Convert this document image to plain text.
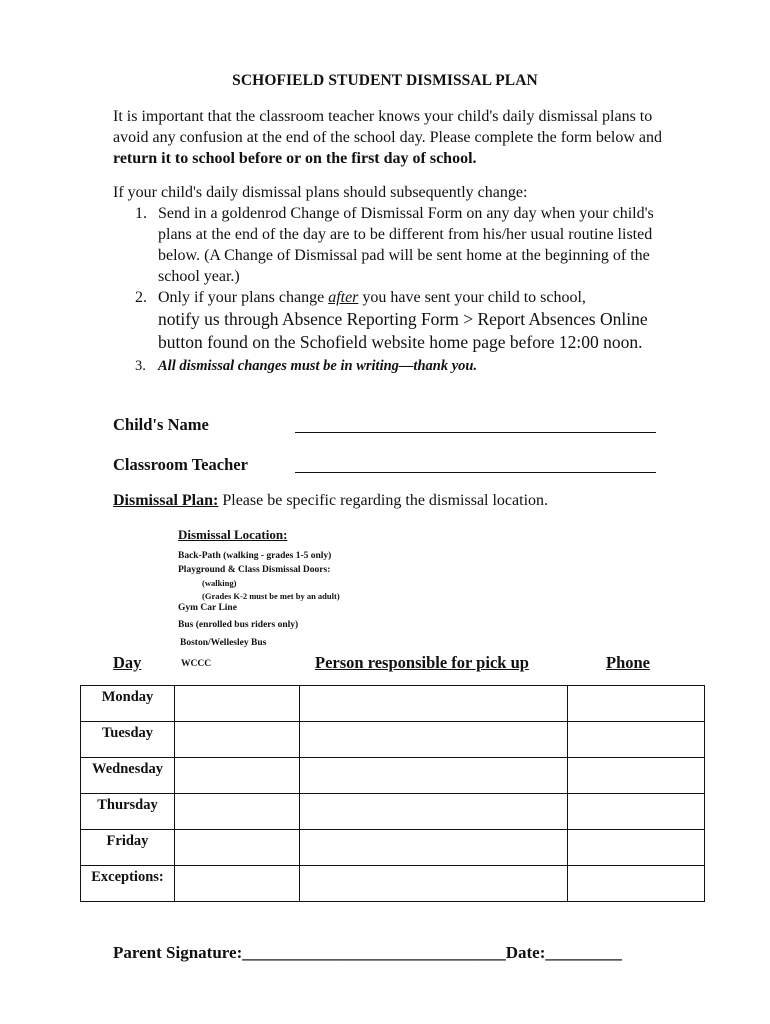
SCHOFIELD STUDENT DISMISSAL PLAN
It is important that the classroom teacher knows your child's daily dismissal plans to avoid any confusion at the end of the school day. Please complete the form below and return it to school before or on the first day of school.
If your child's daily dismissal plans should subsequently change:
1. Send in a goldenrod Change of Dismissal Form on any day when your child's plans at the end of the day are to be different from his/her usual routine listed below. (A Change of Dismissal pad will be sent home at the beginning of the school year.)
2. Only if your plans change after you have sent your child to school,
notify us through Absence Reporting Form > Report Absences Online button found on the Schofield website home page before 12:00 noon.
3. All dismissal changes must be in writing—thank you.
Child's Name
Classroom Teacher
Dismissal Plan: Please be specific regarding the dismissal location.
Dismissal Location:
Back-Path (walking - grades 1-5 only)
Playground & Class Dismissal Doors:
(walking)
(Grades K-2 must be met by an adult)
Gym Car Line
Bus (enrolled bus riders only)
Boston/Wellesley Bus
WCCC
Day	Person responsible for pick up	Phone
Monday			
Tuesday			
Wednesday			
Thursday			
Friday			
Exceptions:			
Parent Signature:_______________________________Date:_________
